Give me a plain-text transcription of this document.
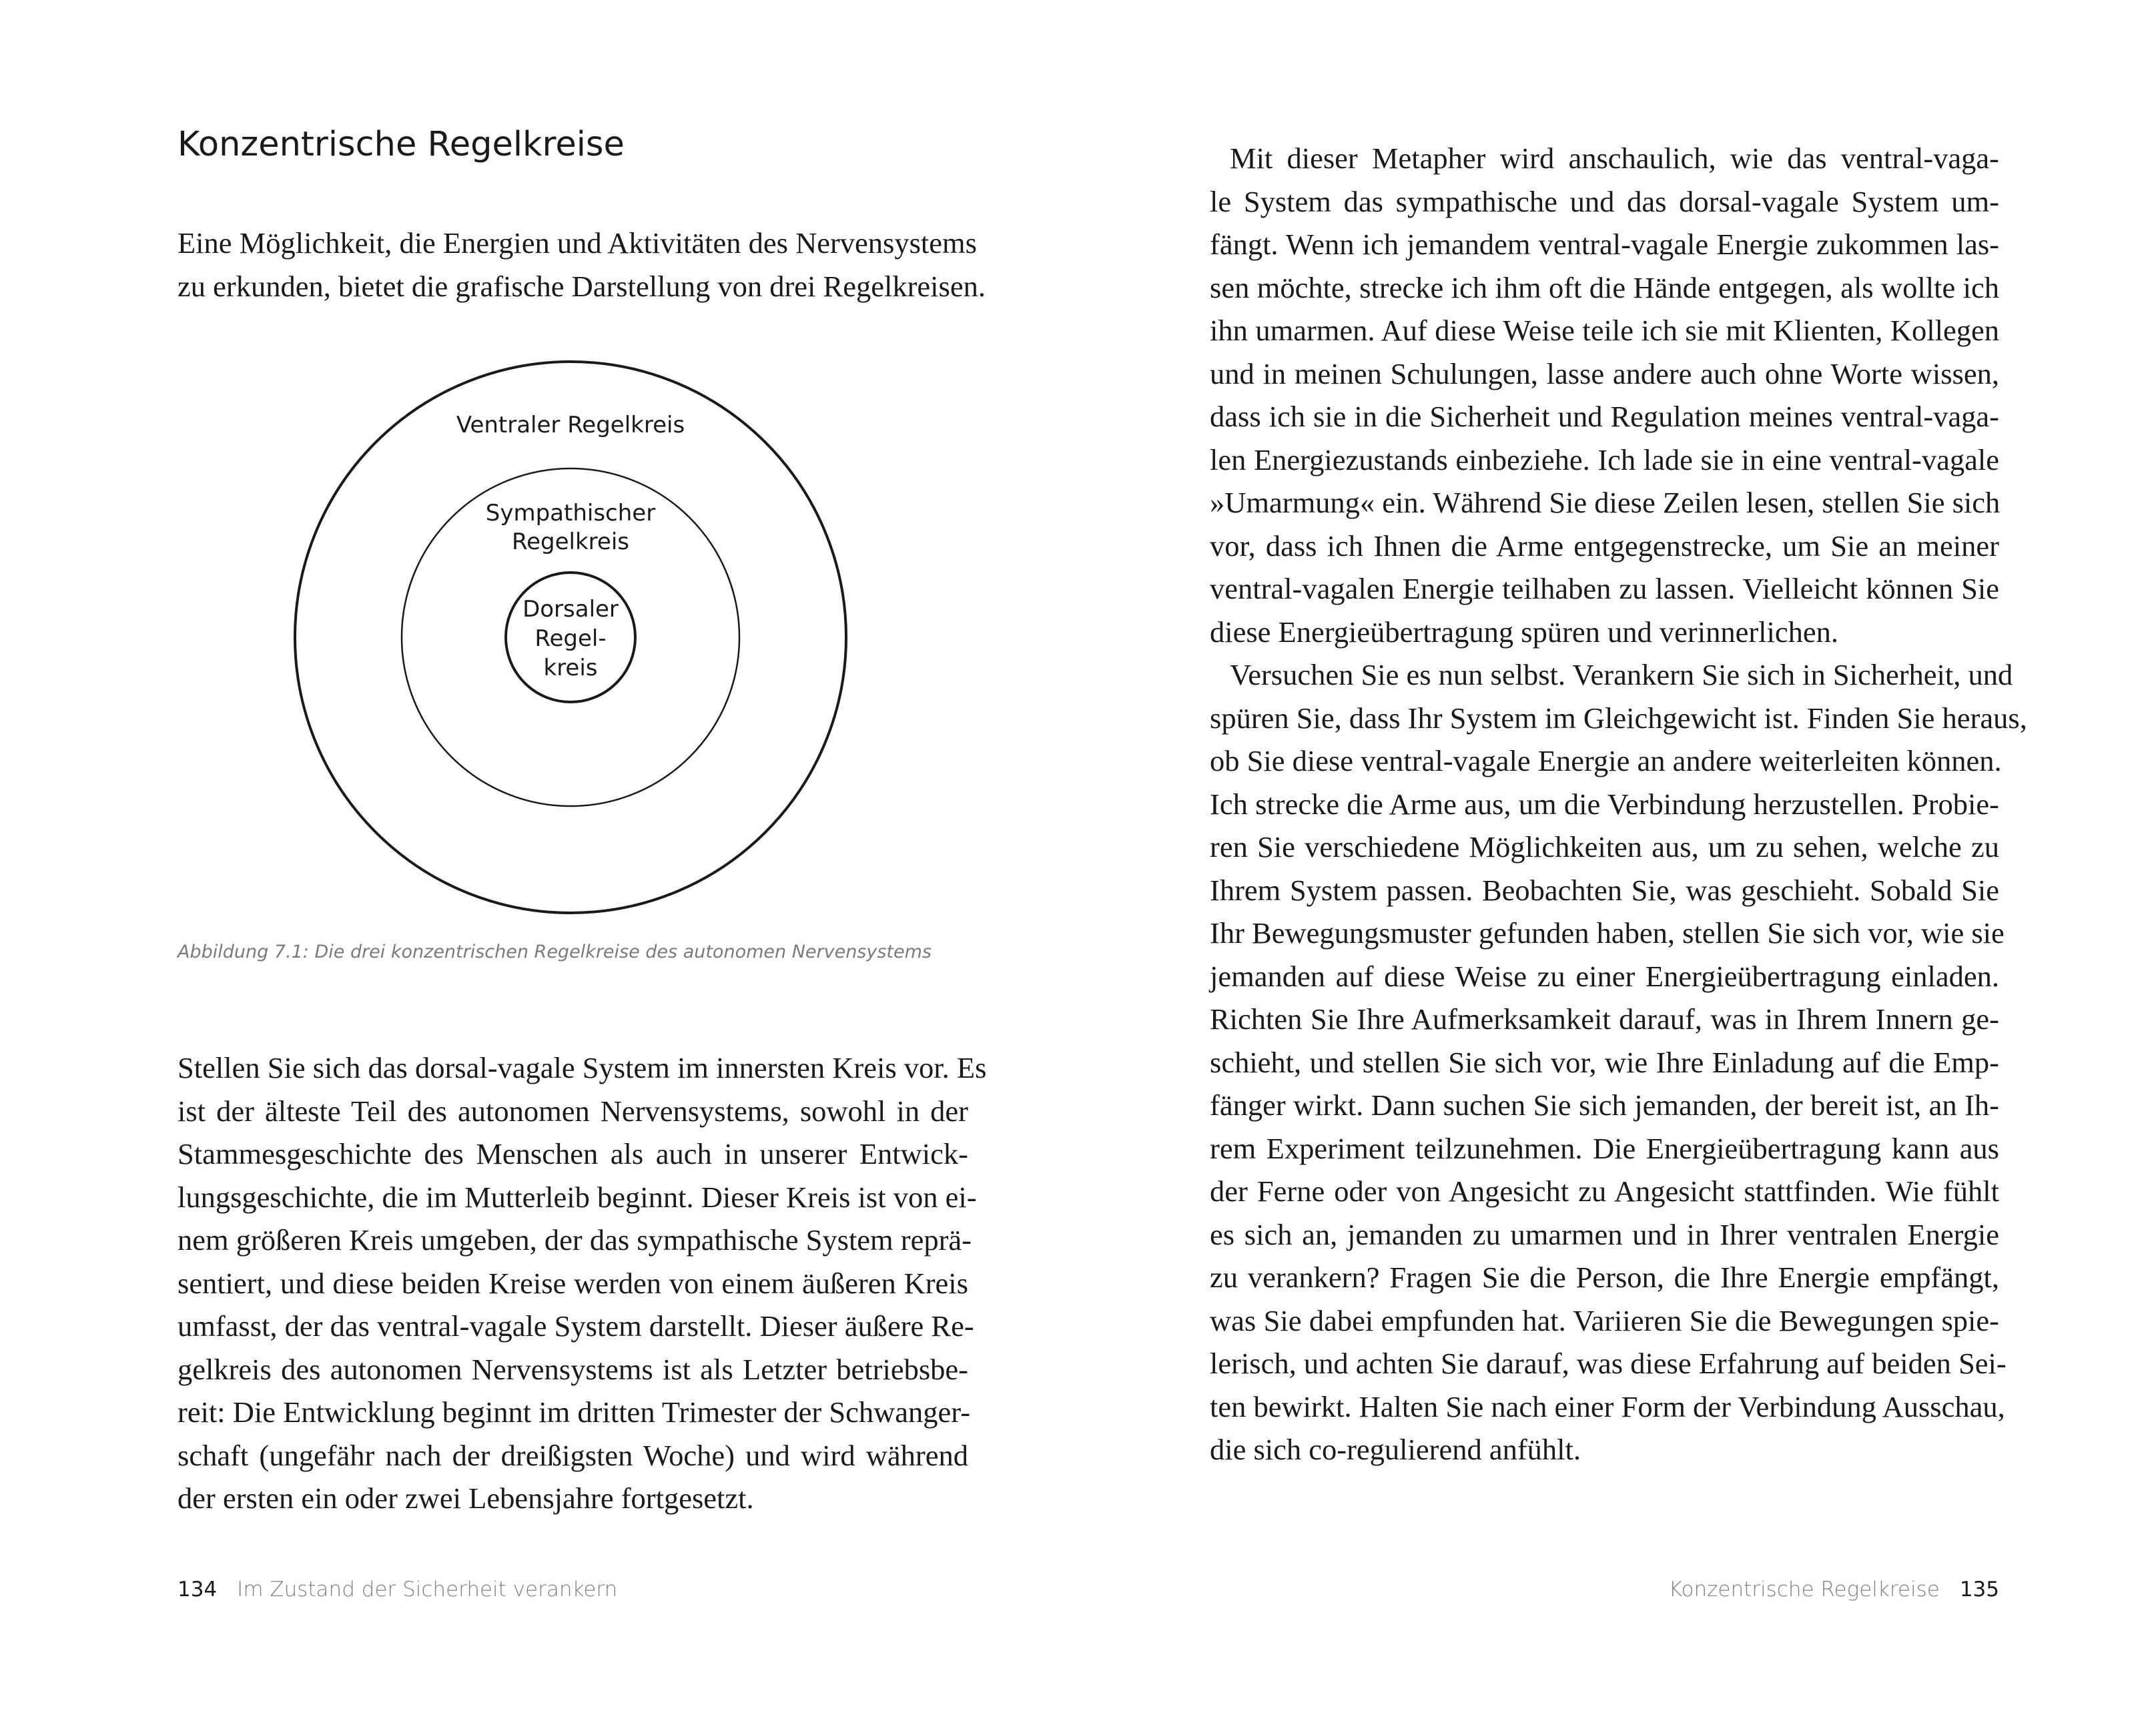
Konzentrische Regelkreise
Eine Möglichkeit, die Energien und Aktivitäten des Nervensystems
zu erkunden, bietet die grafische Darstellung von drei Regelkreisen.
Ventraler Regelkreis
Sympathischer
Regelkreis
Dorsaler
Regel-
kreis

Abbildung 7.1: Die drei konzentrischen Regelkreise des autonomen Nervensystems

Stellen Sie sich das dorsal-vagale System im innersten Kreis vor. Es
ist der älteste Teil des autonomen Nervensystems, sowohl in der
Stammesgeschichte des Menschen als auch in unserer Entwick-
lungsgeschichte, die im Mutterleib beginnt. Dieser Kreis ist von ei-
nem größeren Kreis umgeben, der das sympathische System reprä-
sentiert, und diese beiden Kreise werden von einem äußeren Kreis
umfasst, der das ventral-vagale System darstellt. Dieser äußere Re-
gelkreis des autonomen Nervensystems ist als Letzter betriebsbe-
reit: Die Entwicklung beginnt im dritten Trimester der Schwanger-
schaft (ungefähr nach der dreißigsten Woche) und wird während
der ersten ein oder zwei Lebensjahre fortgesetzt.
134 Im Zustand der Sicherheit verankern
Mit dieser Metapher wird anschaulich, wie das ventral-vaga-
le System das sympathische und das dorsal-vagale System um-
fängt. Wenn ich jemandem ventral-vagale Energie zukommen las-
sen möchte, strecke ich ihm oft die Hände entgegen, als wollte ich
ihn umarmen. Auf diese Weise teile ich sie mit Klienten, Kollegen
und in meinen Schulungen, lasse andere auch ohne Worte wissen,
dass ich sie in die Sicherheit und Regulation meines ventral-vaga-
len Energiezustands einbeziehe. Ich lade sie in eine ventral-vagale
»Umarmung« ein. Während Sie diese Zeilen lesen, stellen Sie sich
vor, dass ich Ihnen die Arme entgegenstrecke, um Sie an meiner
ventral-vagalen Energie teilhaben zu lassen. Vielleicht können Sie
diese Energieübertragung spüren und verinnerlichen.
Versuchen Sie es nun selbst. Verankern Sie sich in Sicherheit, und
spüren Sie, dass Ihr System im Gleichgewicht ist. Finden Sie heraus,
ob Sie diese ventral-vagale Energie an andere weiterleiten können.
Ich strecke die Arme aus, um die Verbindung herzustellen. Probie-
ren Sie verschiedene Möglichkeiten aus, um zu sehen, welche zu
Ihrem System passen. Beobachten Sie, was geschieht. Sobald Sie
Ihr Bewegungsmuster gefunden haben, stellen Sie sich vor, wie sie
jemanden auf diese Weise zu einer Energieübertragung einladen.
Richten Sie Ihre Aufmerksamkeit darauf, was in Ihrem Innern ge-
schieht, und stellen Sie sich vor, wie Ihre Einladung auf die Emp-
fänger wirkt. Dann suchen Sie sich jemanden, der bereit ist, an Ih-
rem Experiment teilzunehmen. Die Energieübertragung kann aus
der Ferne oder von Angesicht zu Angesicht stattfinden. Wie fühlt
es sich an, jemanden zu umarmen und in Ihrer ventralen Energie
zu verankern? Fragen Sie die Person, die Ihre Energie empfängt,
was Sie dabei empfunden hat. Variieren Sie die Bewegungen spie-
lerisch, und achten Sie darauf, was diese Erfahrung auf beiden Sei-
ten bewirkt. Halten Sie nach einer Form der Verbindung Ausschau,
die sich co-regulierend anfühlt.
Konzentrische Regelkreise 135
